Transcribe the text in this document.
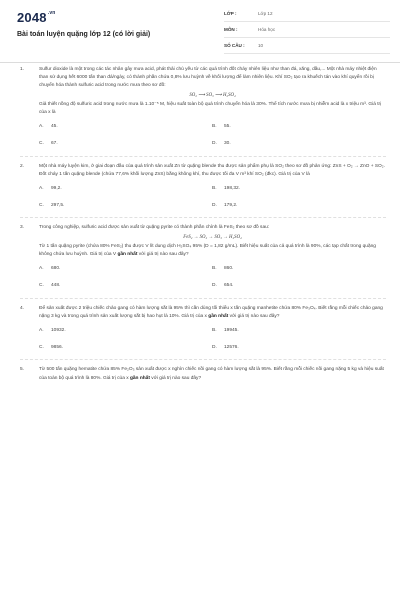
$2048^{.vn}$
Bài toán luyện quặng lớp 12 (có lời giải)
LỚP :	Lớp 12
MÔN :	Hóa học
SỐ CÂU :	10
1.	Sulfur dioxide là một trong các tác nhân gây mưa acid, phát thải chủ yếu từ các quá trình đốt cháy nhiên liệu như than đá, xăng, dầu,... Một nhà máy nhiệt điện than sử dụng hết 6000 tấn than đá/ngày, có thành phần chứa 0,8% lưu huỳnh về khối lượng để làm nhiên liệu. Khí SO₂ tạo ra khuếch tán vào khí quyển rồi bị chuyển hóa thành sulfuric acid trong nước mưa theo sơ đồ:

SO₂ ⟶ SO₃ ⟶ H₂SO₄

Giả thiết nồng độ sulfuric acid trong nước mưa là 1.10⁻⁵ M, hiệu suất toàn bộ quá trình chuyển hóa là 30%. Thể tích nước mưa bị nhiễm acid là x triệu m³. Giá trị của x là

A.	45.	B.	55.
C.	67.	D.	30.
2.	Một nhà máy luyện kim, ở giai đoạn đầu của quá trình sản xuất Zn từ quặng blende thu được sản phẩm phụ là SO₂ theo sơ đồ phản ứng: ZnS + O₂ → ZnO + SO₂.

Đốt cháy 1 tấn quặng blende (chứa 77,6% khối lượng ZnS) bằng không khí, thu được tối đa V m³ khí SO₂ (đkc). Giá trị của V là

A.	99,2.	B.	198,32.
C.	297,5.	D.	179,2.
3.	Trong công nghiệp, sulfuric acid được sản xuất từ quặng pyrite có thành phần chính là FeS₂ theo sơ đồ sau:

FeS₂ → SO₂ → SO₃ → H₂SO₄

Từ 1 tấn quặng pyrite (chứa 80% FeS₂) thu được V lít dung dịch H₂SO₄ 95% (D = 1,82 g/mL). Biết hiệu suất của cả quá trình là 90%, các tạp chất trong quặng không chứa lưu huỳnh. Giá trị của V gần nhất với giá trị nào sau đây?

A.	680.	B.	860.
C.	448.	D.	654.
4.	Để sản xuất được 2 triệu chiếc chảo gang có hàm lượng sắt là 95% thì cần dùng tối thiểu x tấn quặng manhetite chứa 80% Fe₃O₄. Biết rằng mỗi chiếc chảo gang nặng 3 kg và trong quá trình sản xuất lượng sắt bị hao hụt là 10%. Giá trị của x gần nhất với giá trị nào sau đây?

A.	10932.	B.	19945.
C.	9856.	D.	12576.
5.	Từ 500 tấn quặng hematite chứa 85% Fe₂O₃ sản xuất được x nghìn chiếc nồi gang có hàm lượng sắt là 95%. Biết rằng mỗi chiếc nồi gang nặng 5 kg và hiệu suất của toàn bộ quá trình là 80%. Giá trị của x gần nhất với giá trị nào sau đây?
